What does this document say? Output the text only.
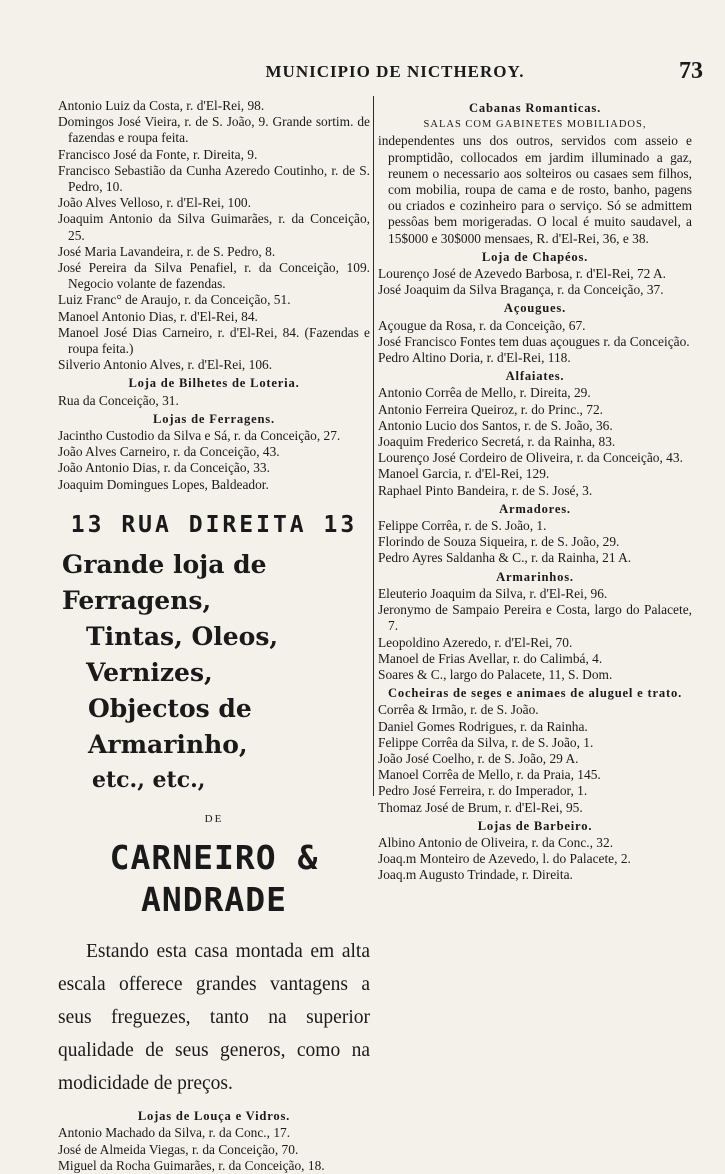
MUNICIPIO DE NICTHEROY.	73

Antonio Luiz da Costa, r. d'El-Rei, 98.

Domingos José Vieira, r. de S. João, 9. Grande sortim. de fazendas e roupa feita.

Francisco José da Fonte, r. Direita, 9.

Francisco Sebastião da Cunha Azeredo Coutinho, r. de S. Pedro, 10.

João Alves Velloso, r. d'El-Rei, 100.

Joaquim Antonio da Silva Guimarães, r. da Conceição, 25.

José Maria Lavandeira, r. de S. Pedro, 8.

José Pereira da Silva Penafiel, r. da Conceição, 109. Negocio volante de fazendas.

Luiz Franc° de Araujo, r. da Conceição, 51.

Manoel Antonio Dias, r. d'El-Rei, 84.

Manoel José Dias Carneiro, r. d'El-Rei, 84. (Fazendas e roupa feita.)

Silverio Antonio Alves, r. d'El-Rei, 106.

Loja de Bilhetes de Loteria.

Rua da Conceição, 31.

Lojas de Ferragens.

Jacintho Custodio da Silva e Sá, r. da Conceição, 27.

João Alves Carneiro, r. da Conceição, 43.

João Antonio Dias, r. da Conceição, 33.

Joaquim Domingues Lopes, Baldeador.

13 RUA DIREITA 13
Grande loja de Ferragens,
Tintas, Oleos, Vernizes,
Objectos de Armarinho,
etc., etc.,
DE
CARNEIRO & ANDRADE
Estando esta casa montada em alta escala offerece grandes vantagens a seus freguezes, tanto na superior qualidade de seus generos, como na modicidade de preços.
Lojas de Louça e Vidros.

Antonio Machado da Silva, r. da Conc., 17.

José de Almeida Viegas, r. da Conceição, 70.

Miguel da Rocha Guimarães, r. da Conceição, 18.

Cabanas Romanticas.
SALAS COM GABINETES MOBILIADOS,

independentes uns dos outros, servidos com asseio e promptidão, collocados em jardim illuminado a gaz, reunem o necessario aos solteiros ou casaes sem filhos, com mobilia, roupa de cama e de rosto, banho, pagens ou criados e cozinheiro para o serviço. Só se admittem pessôas bem morigeradas. O local é muito saudavel, a 15$000 e 30$000 mensaes, R. d'El-Rei, 36, e 38.

Loja de Chapéos.

Lourenço José de Azevedo Barbosa, r. d'El-Rei, 72 A.

José Joaquim da Silva Bragança, r. da Conceição, 37.

Açougues.

Açougue da Rosa, r. da Conceição, 67.

José Francisco Fontes tem duas açougues r. da Conceição.

Pedro Altino Doria, r. d'El-Rei, 118.

Alfaiates.

Antonio Corrêa de Mello, r. Direita, 29.

Antonio Ferreira Queiroz, r. do Princ., 72.

Antonio Lucio dos Santos, r. de S. João, 36.

Joaquim Frederico Secretá, r. da Rainha, 83.

Lourenço José Cordeiro de Oliveira, r. da Conceição, 43.

Manoel Garcia, r. d'El-Rei, 129.

Raphael Pinto Bandeira, r. de S. José, 3.

Armadores.

Felippe Corrêa, r. de S. João, 1.

Florindo de Souza Siqueira, r. de S. João, 29.

Pedro Ayres Saldanha & C., r. da Rainha, 21 A.

Armarinhos.

Eleuterio Joaquim da Silva, r. d'El-Rei, 96.

Jeronymo de Sampaio Pereira e Costa, largo do Palacete, 7.

Leopoldino Azeredo, r. d'El-Rei, 70.

Manoel de Frias Avellar, r. do Calimbá, 4.

Soares & C., largo do Palacete, 11, S. Dom.

Cocheiras de seges e animaes de aluguel e trato.

Corrêa & Irmão, r. de S. João.

Daniel Gomes Rodrigues, r. da Rainha.

Felippe Corrêa da Silva, r. de S. João, 1.

João José Coelho, r. de S. João, 29 A.

Manoel Corrêa de Mello, r. da Praia, 145.

Pedro José Ferreira, r. do Imperador, 1.

Thomaz José de Brum, r. d'El-Rei, 95.

Lojas de Barbeiro.

Albino Antonio de Oliveira, r. da Conc., 32.

Joaq.m Monteiro de Azevedo, l. do Palacete, 2.

Joaq.m Augusto Trindade, r. Direita.
